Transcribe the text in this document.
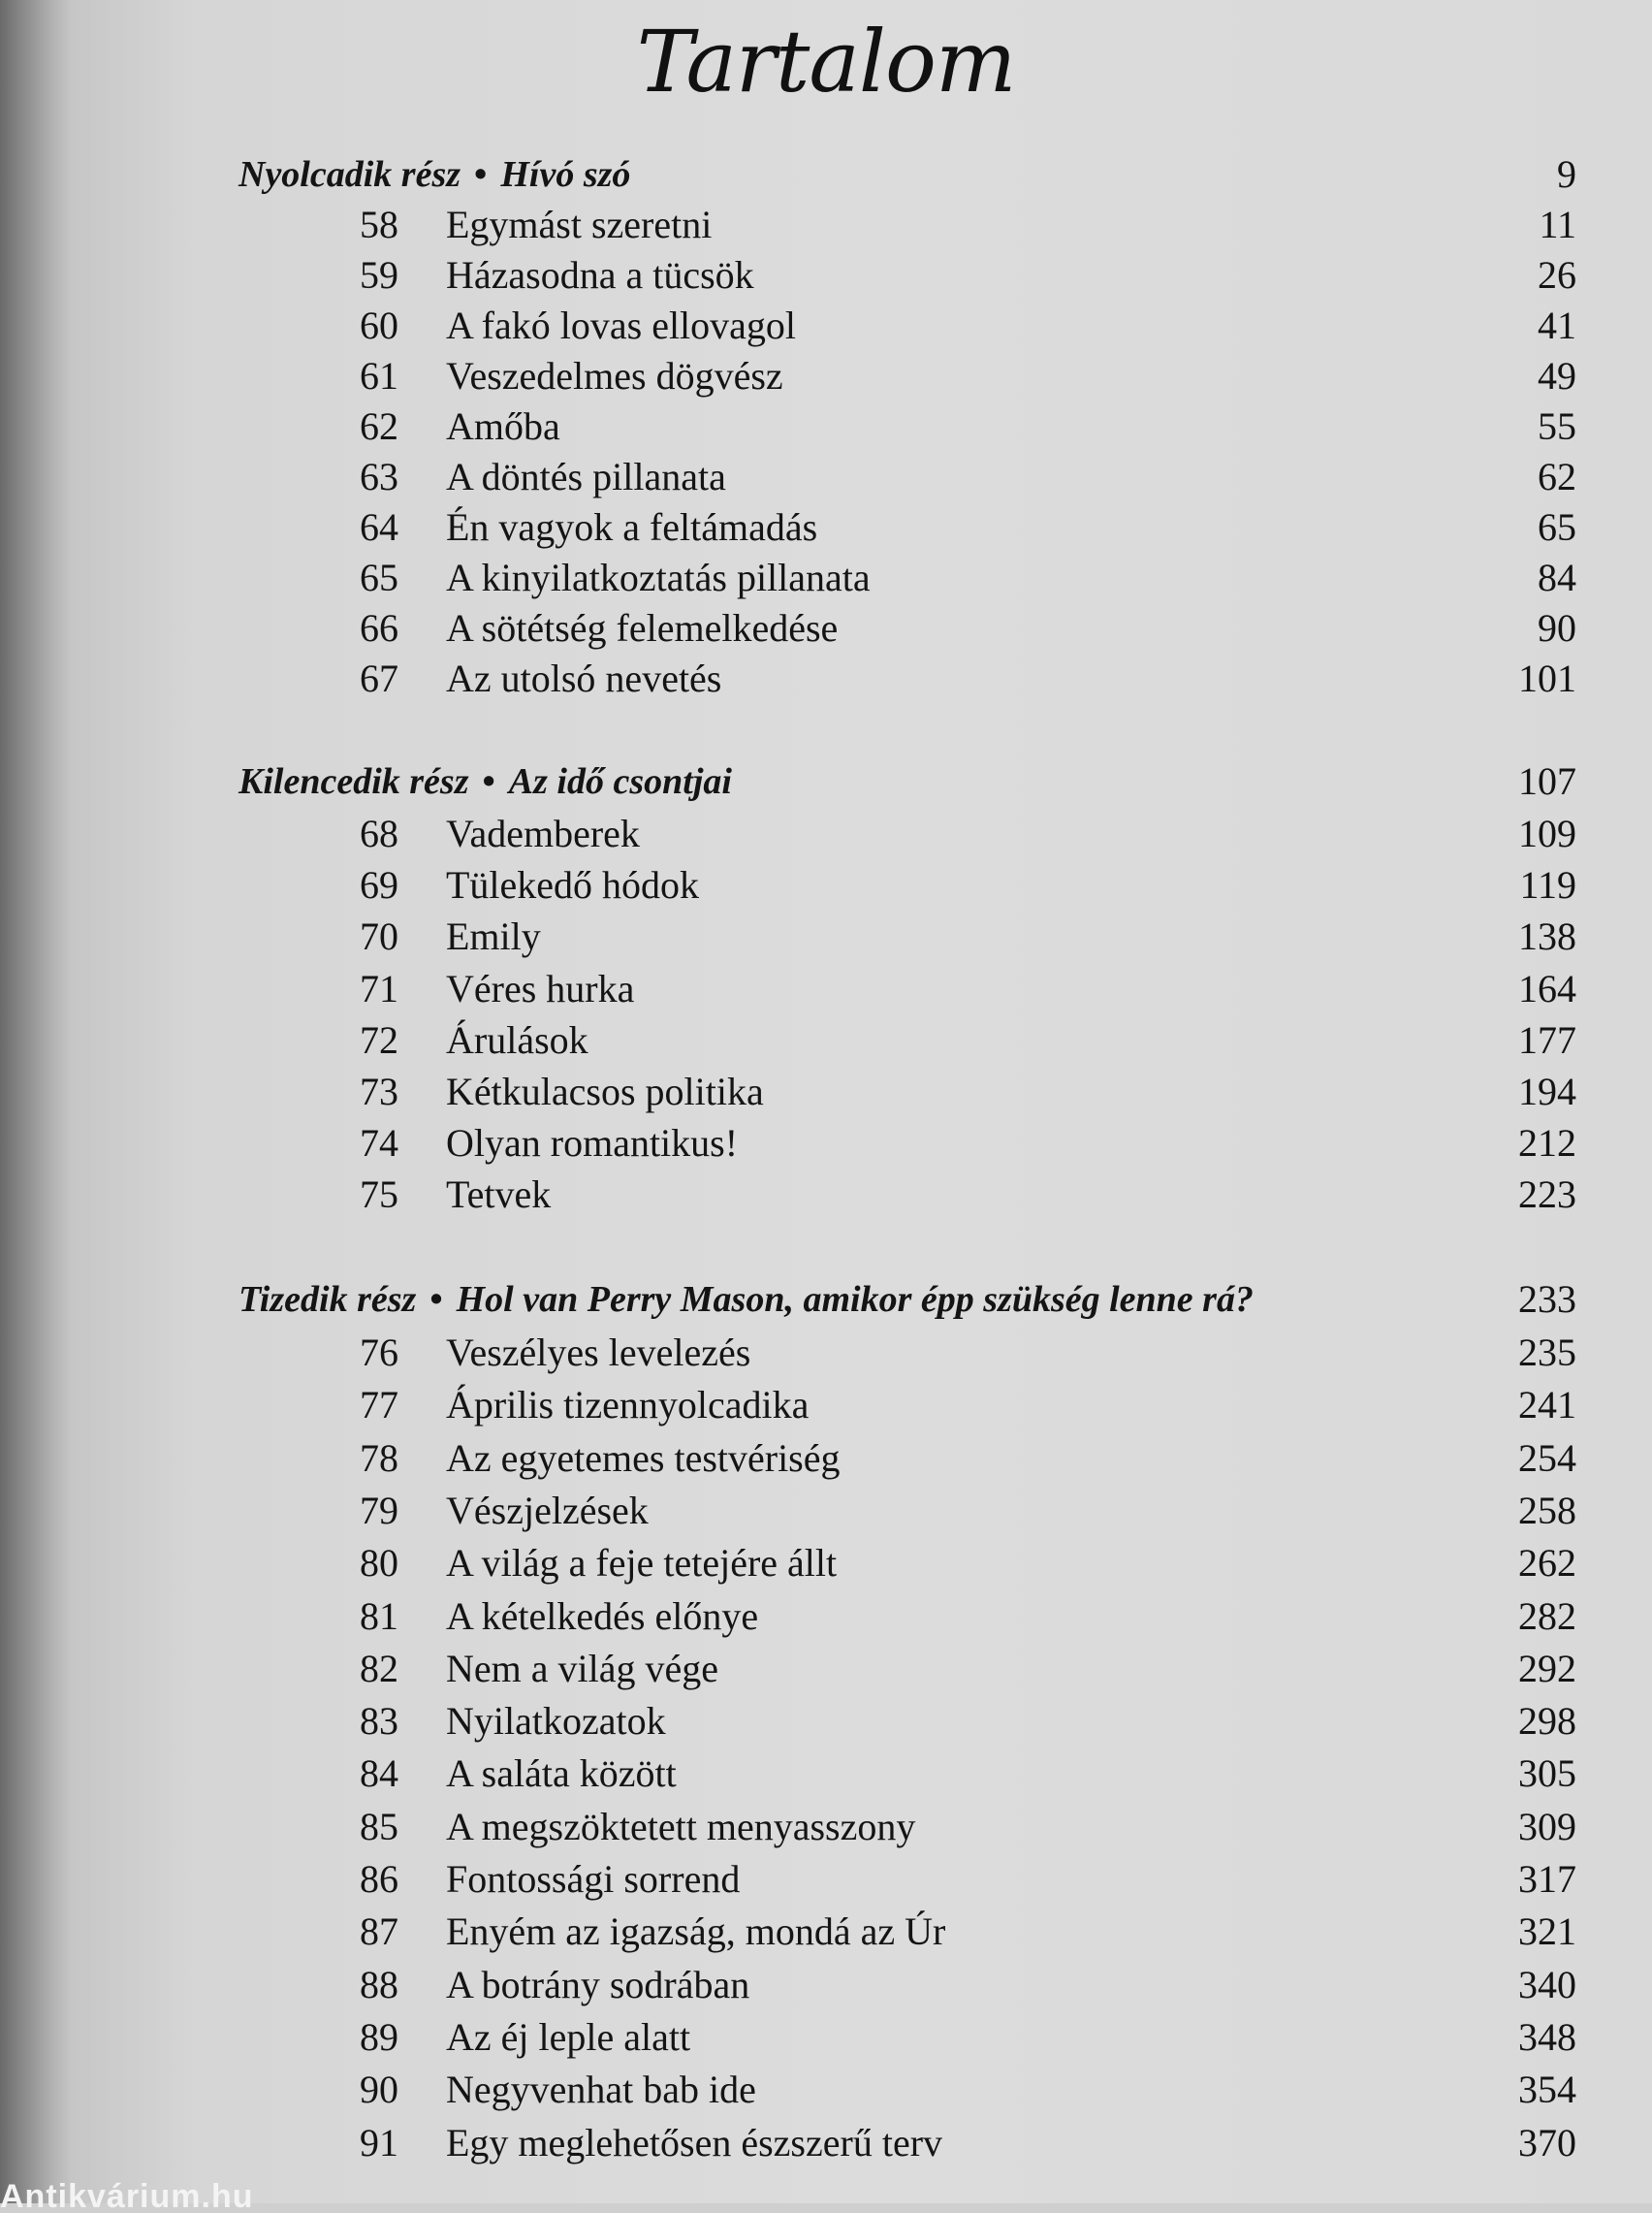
Tartalom
Nyolcadik rész • Hívó szó	9
58	Egymást szeretni	11
59	Házasodna a tücsök	26
60	A fakó lovas ellovagol	41
61	Veszedelmes dögvész	49
62	Amőba	55
63	A döntés pillanata	62
64	Én vagyok a feltámadás	65
65	A kinyilatkoztatás pillanata	84
66	A sötétség felemelkedése	90
67	Az utolsó nevetés	101
Kilencedik rész • Az idő csontjai	107
68	Vademberek	109
69	Tülekedő hódok	119
70	Emily	138
71	Véres hurka	164
72	Árulások	177
73	Kétkulacsos politika	194
74	Olyan romantikus!	212
75	Tetvek	223
Tizedik rész • Hol van Perry Mason, amikor épp szükség lenne rá?	233
76	Veszélyes levelezés	235
77	Április tizennyolcadika	241
78	Az egyetemes testvériség	254
79	Vészjelzések	258
80	A világ a feje tetejére állt	262
81	A kételkedés előnye	282
82	Nem a világ vége	292
83	Nyilatkozatok	298
84	A saláta között	305
85	A megszöktetett menyasszony	309
86	Fontossági sorrend	317
87	Enyém az igazság, mondá az Úr	321
88	A botrány sodrában	340
89	Az éj leple alatt	348
90	Negyvenhat bab ide	354
91	Egy meglehetősen észszerű terv	370
Antikvárium.hu
